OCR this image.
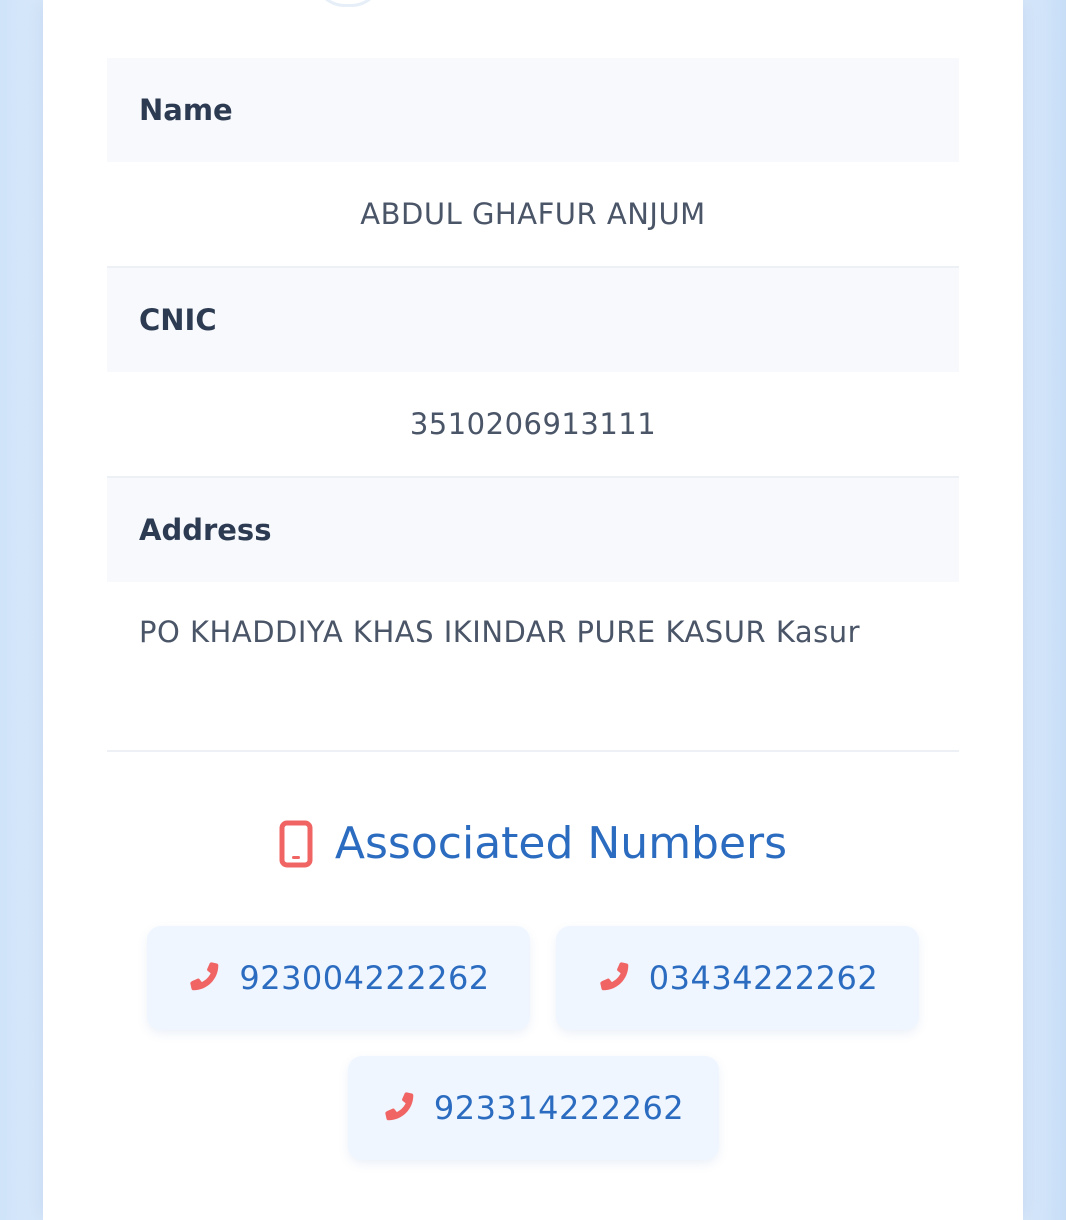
Name
ABDUL GHAFUR ANJUM
CNIC
3510206913111
Address
PO KHADDIYA KHAS IKINDAR PURE KASUR Kasur
Associated Numbers
923004222262	03434222262
923314222262
